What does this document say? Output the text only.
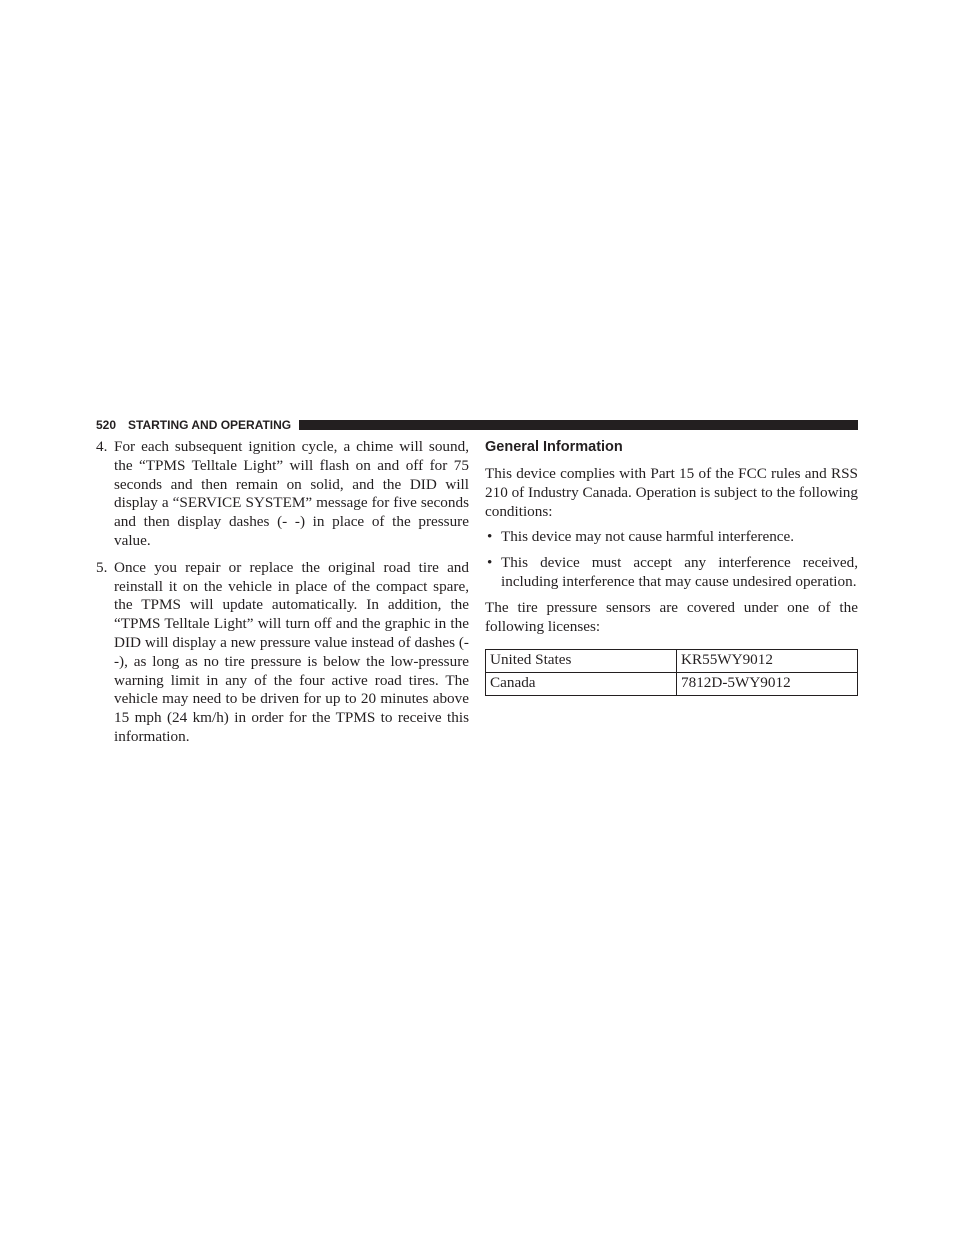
520 STARTING AND OPERATING
4. For each subsequent ignition cycle, a chime will sound, the “TPMS Telltale Light” will flash on and off for 75 seconds and then remain on solid, and the DID will display a “SERVICE SYSTEM” message for five seconds and then display dashes (- -) in place of the pressure value.
5. Once you repair or replace the original road tire and reinstall it on the vehicle in place of the compact spare, the TPMS will update automatically. In addition, the “TPMS Telltale Light” will turn off and the graphic in the DID will display a new pressure value instead of dashes (- -), as long as no tire pressure is below the low-pressure warning limit in any of the four active road tires. The vehicle may need to be driven for up to 20 minutes above 15 mph (24 km/h) in order for the TPMS to receive this information.
General Information

This device complies with Part 15 of the FCC rules and RSS 210 of Industry Canada. Operation is subject to the following conditions:

• This device may not cause harmful interference.
• This device must accept any interference received, including interference that may cause undesired operation.

The tire pressure sensors are covered under one of the following licenses:

United States	KR55WY9012
Canada	7812D-5WY9012
